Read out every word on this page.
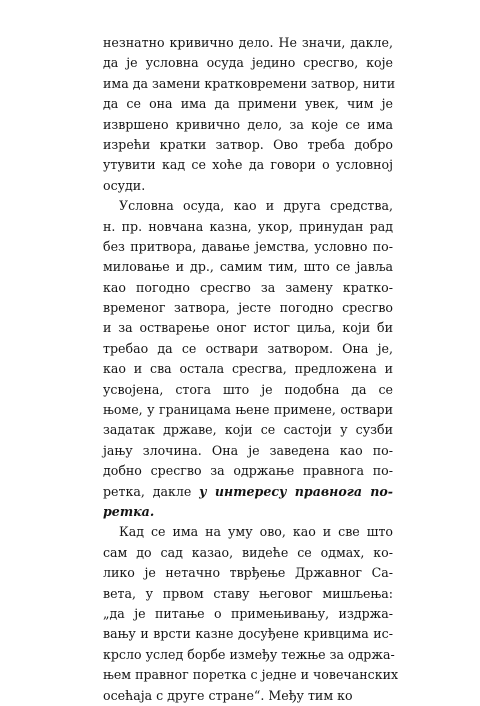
незнатно кривично дело. Не значи, дакле,
да је условна осуда једино сресгво, које
има да замени кратковремени затвор, нити
да се она има да примени увек, чим је
извршено кривично дело, за које се има
изрећи кратки затвор. Ово треба добро
утувити кад се хоће да говори о условној
осуди.
Условна осуда, као и друга средства,
н. пр. новчана казна, укор, принудан рад
без притвора, давање јемства, условно по-
миловање и др., самим тим, што се јавља
као погодно сресгво за замену кратко-
временог затвора, јесте погодно сресгво
и за остварење оног истог циља, који би
требао да се оствари затвором. Она је,
као и сва остала сресгва, предложена и
усвојена, стога што је подобна да се
њоме, у границама њене примене, оствари
задатак државе, који се састоји у сузби
јању злочина. Она је заведена као по-
добно сресгво за одржање правнога по-
ретка, дакле у интересу правнога по-
ретка.
Кад се има на уму ово, као и све што
сам до сад казао, видеће се одмах, ко-
лико је нетачно тврђење Државног Са-
вета, у првом ставу његовог мишљења:
„да је питање о примењивању, издржа-
вању и врсти казне досуђене кривцима ис-
крсло услед борбе између тежње за одржа-
њем правног поретка с једне и човечанских
осећаја с друге стране“. Међу тим ко
